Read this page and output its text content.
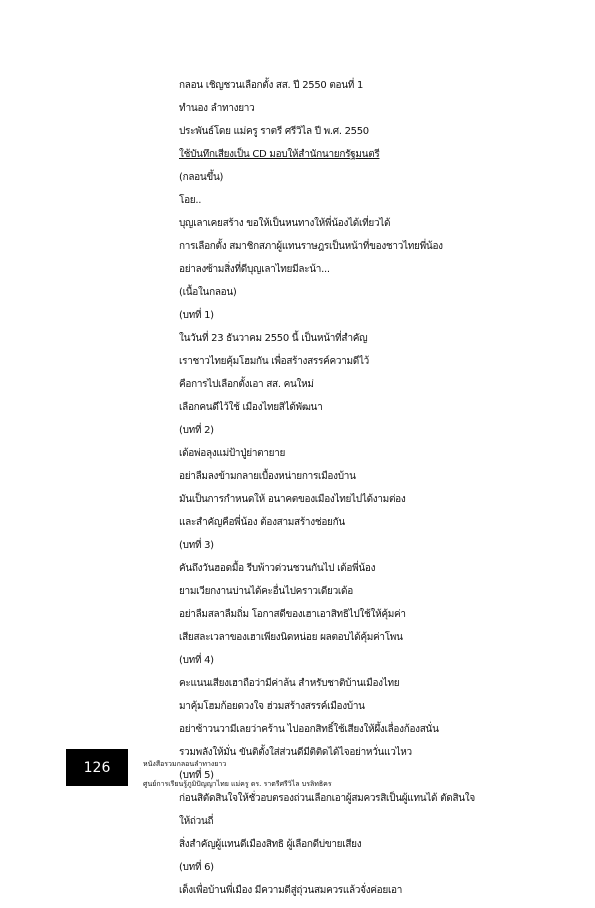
กลอน เชิญชวนเลือกตั้ง สส. ปี 2550 ตอนที่ 1
ทำนอง ลำทางยาว
ประพันธ์โดย แม่ครู ราตรี ศรีวิไล ปี พ.ศ. 2550
ใช้บันทึกเสียงเป็น CD มอบให้สำนักนายกรัฐมนตรี
(กลอนขึ้น)
โอย..
บุญเลาเคยสร้าง ขอให้เป็นหนทางให้พี่น้องได้เที่ยวได้
การเลือกตั้ง สมาชิกสภาผู้แทนราษฎรเป็นหน้าที่ของชาวไทยพี่น้อง
อย่าลงซ้ามสิ่งที่ดีบุญเลาไทยมีละน้า...
(เนื้อในกลอน)
(บทที่ 1)
ในวันที่ 23 ธันวาคม 2550 นี้ เป็นหน้าที่สำคัญ
เราชาวไทยคุ้มโฮมกัน เพื่อสร้างสรรค์ความดีไว้
คือการไปเลือกตั้งเอา สส. คนใหม่
เลือกคนดีไว้ใช้ เมืองไทยสิได้พัฒนา
(บทที่ 2)
เด้อพ่อลุงแม่ป้าปู่ย่าตายาย
อย่าลืมลงข้ามกลายเบื้องหน่ายการเมืองบ้าน
มันเป็นการกำหนดให้ อนาคตของเมืองไทยไปได้งามต่อง
และสำคัญคือพี่น้อง ต้องสามสร้างช่อยกัน
(บทที่ 3)
คันถึงวันฮอดมื้อ รีบพ้าวด่วนชวนกันไป เด้อพี่น้อง
ยามเวียกงานบ่านได้คะอื่นไปคราวเดียวเด้อ
อย่าลืมสลาลืมถิ่ม โอกาสดีของเฮาเอาสิทธิไปใช้ให้คุ้มค่า
เสียสละเวลาของเฮาเพียงนิดหน่อย ผลตอบได้คุ้มค่าโพน
(บทที่ 4)
คะแนนเสียงเฮาถือว่ามีค่าล้น สำหรับชาติบ้านเมืองไทย
มาคุ้มโฮมก้อยดวงใจ ฮ่วมสร้างสรรค์เมืองบ้าน
อย่าซ้าวนวามีเลยว่าคร้าน ไปออกสิทธิ์ใช้เสียงให้ผึ้งเลื่องก้องสนั่น
รวมพลังให้มั่น ขันติตั้งใส่ส่วนดีมีติติดได้ไจอย่าหวั่นแวไหว
(บทที่ 5)
ก่อนสิตัดสินใจให้ชั่วอบตรองถ่วนเลือกเอาผู้สมควรสิเป็นผู้แทนได้ ตัดสินใจ
ให้ถ่วนถี่
สิ่งสำคัญผู้แทนดีเมืองสิทธิ ผู้เลือกดีบ่ขายเสียง
(บทที่ 6)
เด็งเพื่อบ้านพี่เมือง มีความดีสู่ถุ่วนสมควรแล้วจั่งค่อยเอา
126	หนังสือรวมกลอนลำทางยาว
ศูนย์การเรียนรู้ภูมิปัญญาไทย แม่ครู ดร. ราตรีศรีวิไล บรลิทธิคร
